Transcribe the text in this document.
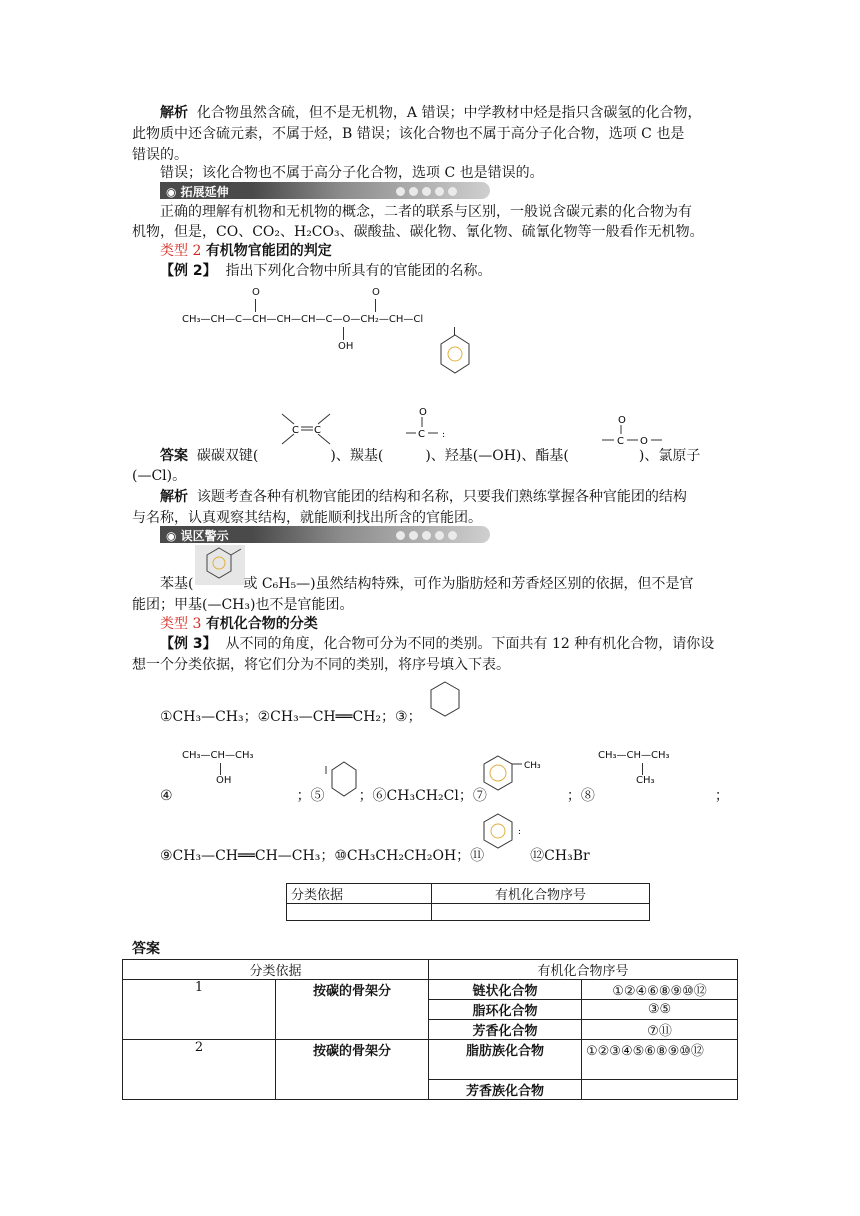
解析 化合物虽然含硫，但不是无机物，A 错误；中学教材中烃是指只含碳氢的化合物，
此物质中还含硫元素，不属于烃，B 错误；该化合物也不属于高分子化合物，选项 C 也是
错误的。
错误；该化合物也不属于高分子化合物，选项 C 也是错误的。
◉ 拓展延伸
正确的理解有机物和无机物的概念，二者的联系与区别，一般说含碳元素的化合物为有
机物，但是，CO、CO₂、H₂CO₃、碳酸盐、碳化物、氰化物、硫氰化物等一般看作无机物。
类型 2 有机物官能团的判定
【例 2】 指出下列化合物中所具有的官能团的名称。
O	O
CH₃—CH—C—CH—CH—CH—C—O—CH₂—CH—Cl
OH
答案 碳碳双键(	)、羰基(	)、羟基(—OH)、酯基(	)、氯原子
C C
O
C :
O
C O
(—Cl)。
解析 该题考查各种有机物官能团的结构和名称，只要我们熟练掌握各种官能团的结构
与名称，认真观察其结构，就能顺利找出所含的官能团。
◉ 误区警示
苯基(	或 C₆H₅—)虽然结构特殊，可作为脂肪烃和芳香烃区别的依据，但不是官
能团；甲基(—CH₃)也不是官能团。
类型 3 有机化合物的分类
【例 3】 从不同的角度，化合物可分为不同的类别。下面共有 12 种有机化合物，请你设
想一个分类依据，将它们分为不同的类别，将序号填入下表。
①CH₃—CH₃；②CH₃—CH══CH₂；③；
CH₃—CH—CH₃
OH
CH₃
CH₃—CH—CH₃
CH₃
④	；⑤ ；⑥CH₃CH₂Cl；⑦	；⑧	；
:
⑨CH₃—CH══CH—CH₃；⑩CH₃CH₂CH₂OH；⑪	⑫CH₃Br
分类依据	有机化合物序号

答案
分类依据		有机化合物序号	
1	按碳的骨架分	链状化合物	①②④⑥⑧⑨⑩⑫
		脂环化合物	③⑤
		芳香化合物	⑦⑪
2	按碳的骨架分	脂肪族化合物	①②③④⑤⑥⑧⑨⑩⑫
		芳香族化合物	
